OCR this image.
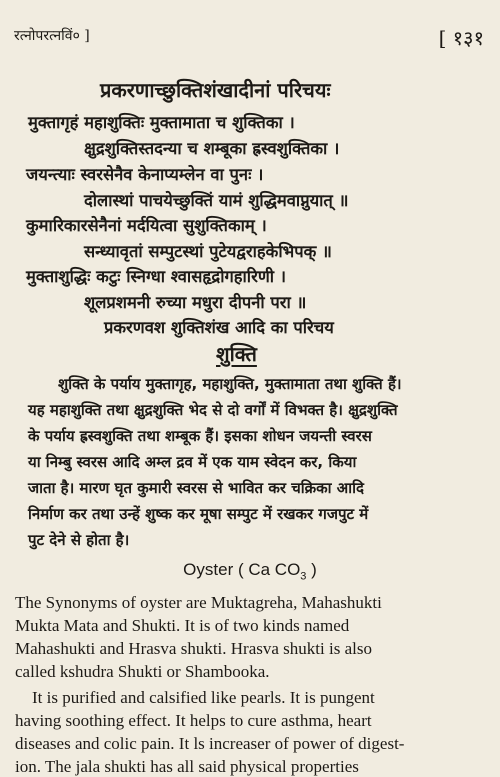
रत्नोपरत्नविं० ]	[ १३१
प्रकरणाच्छुक्तिशंखादीनां परिचयः
मुक्तागृहं महाशुक्तिः मुक्तामाता च शुक्तिका ।
क्षुद्रशुक्तिस्तदन्या च शम्बूका ह्रस्वशुक्तिका ।
जयन्त्याः स्वरसेनैव केनाप्यम्लेन वा पुनः ।
दोलास्थां पाचयेच्छुक्तिं यामं शुद्धिमवाप्नुयात् ॥
कुमारिकारसेनैनां मर्दयित्वा सुशुक्तिकाम् ।
सन्ध्यावृतां सम्पुटस्थां पुटेयद्वराहकेभिपक् ॥
मुक्ताशुद्धिः कटुः स्निग्धा श्वासहृद्रोगहारिणी ।
शूलप्रशमनी रुच्या मधुरा दीपनी परा ॥
प्रकरणवश शुक्तिशंख आदि का परिचय
शुक्ति
शुक्ति के पर्याय मुक्तागृह, महाशुक्ति, मुक्तामाता तथा शुक्ति हैं।
यह महाशुक्ति तथा क्षुद्रशुक्ति भेद से दो वर्गों में विभक्त है। क्षुद्रशुक्ति
के पर्याय ह्रस्वशुक्ति तथा शम्बूक हैं। इसका शोधन जयन्ती स्वरस
या निम्बु स्वरस आदि अम्ल द्रव में एक याम स्वेदन कर, किया
जाता है। मारण घृत कुमारी स्वरस से भावित कर चक्रिका आदि
निर्माण कर तथा उन्हें शुष्क कर मूषा सम्पुट में रखकर गजपुट में
पुट देने से होता है।
Oyster ( Ca $CO_3$ )
The Synonyms of oyster are Muktagreha, Mahashukti
Mukta Mata and Shukti. It is of two kinds named
Mahashukti and Hrasva shukti. Hrasva shukti is also
called kshudra Shukti or Shambooka.
It is purified and calsified like pearls. It is pungent
having soothing effect. It helps to cure asthma, heart
diseases and colic pain. It ls increaser of power of digest-
ion. The jala shukti has all said physical properties
